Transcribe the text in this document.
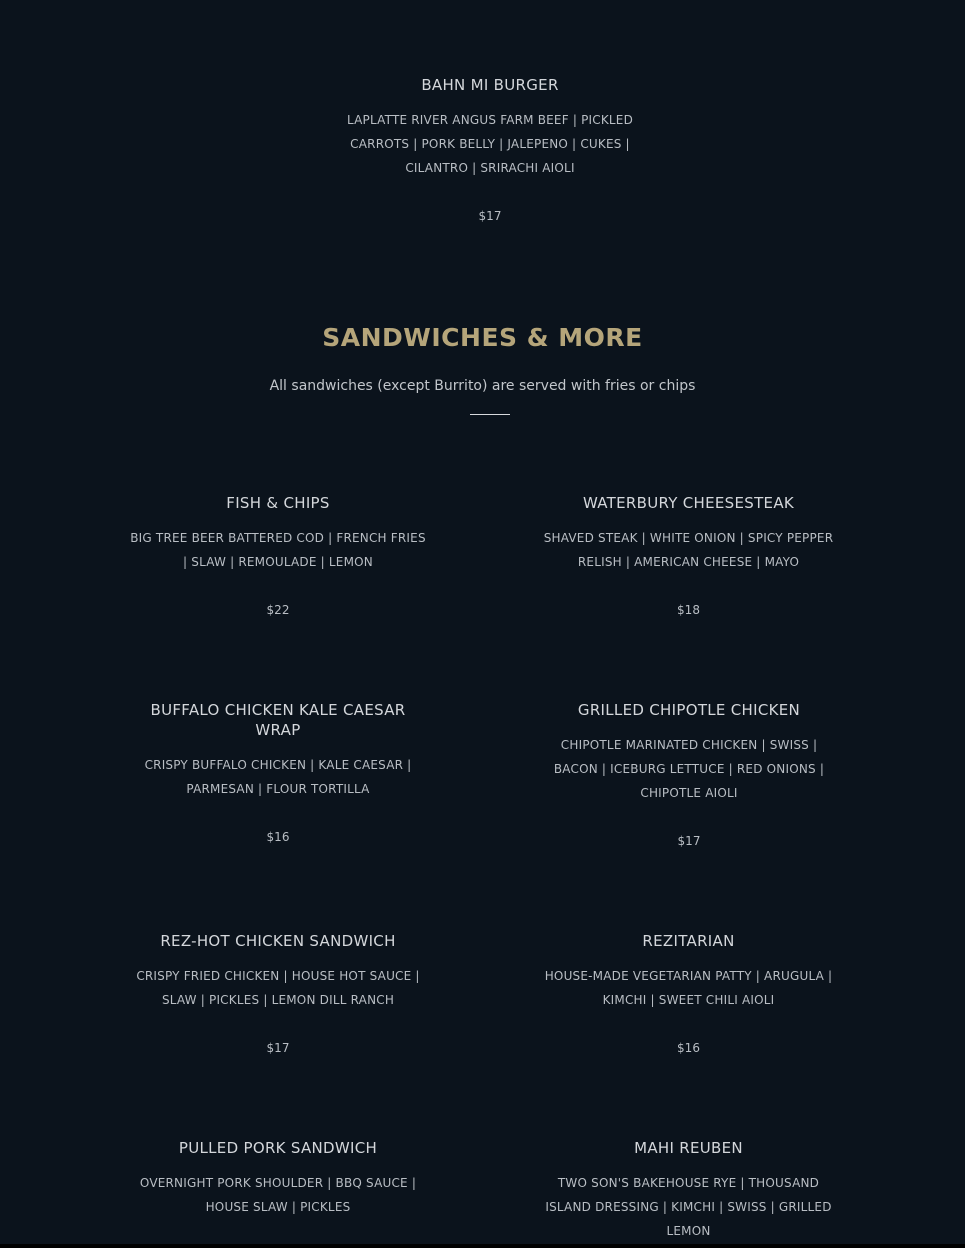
BAHN MI BURGER

LAPLATTE RIVER ANGUS FARM BEEF | PICKLED CARROTS | PORK BELLY | JALEPENO | CUKES | CILANTRO | SRIRACHI AIOLI

$17
SANDWICHES & MORE

All sandwiches (except Burrito) are served with fries or chips

FISH & CHIPS

BIG TREE BEER BATTERED COD | FRENCH FRIES | SLAW | REMOULADE | LEMON

$22

WATERBURY CHEESESTEAK

SHAVED STEAK | WHITE ONION | SPICY PEPPER RELISH | AMERICAN CHEESE | MAYO

$18

BUFFALO CHICKEN KALE CAESAR WRAP

CRISPY BUFFALO CHICKEN | KALE CAESAR | PARMESAN | FLOUR TORTILLA

$16

GRILLED CHIPOTLE CHICKEN

CHIPOTLE MARINATED CHICKEN | SWISS | BACON | ICEBURG LETTUCE | RED ONIONS | CHIPOTLE AIOLI

$17

REZ-HOT CHICKEN SANDWICH

CRISPY FRIED CHICKEN | HOUSE HOT SAUCE | SLAW | PICKLES | LEMON DILL RANCH

$17

REZITARIAN

HOUSE-MADE VEGETARIAN PATTY | ARUGULA | KIMCHI | SWEET CHILI AIOLI

$16

PULLED PORK SANDWICH

OVERNIGHT PORK SHOULDER | BBQ SAUCE | HOUSE SLAW | PICKLES

MAHI REUBEN

TWO SON'S BAKEHOUSE RYE | THOUSAND ISLAND DRESSING | KIMCHI | SWISS | GRILLED LEMON
